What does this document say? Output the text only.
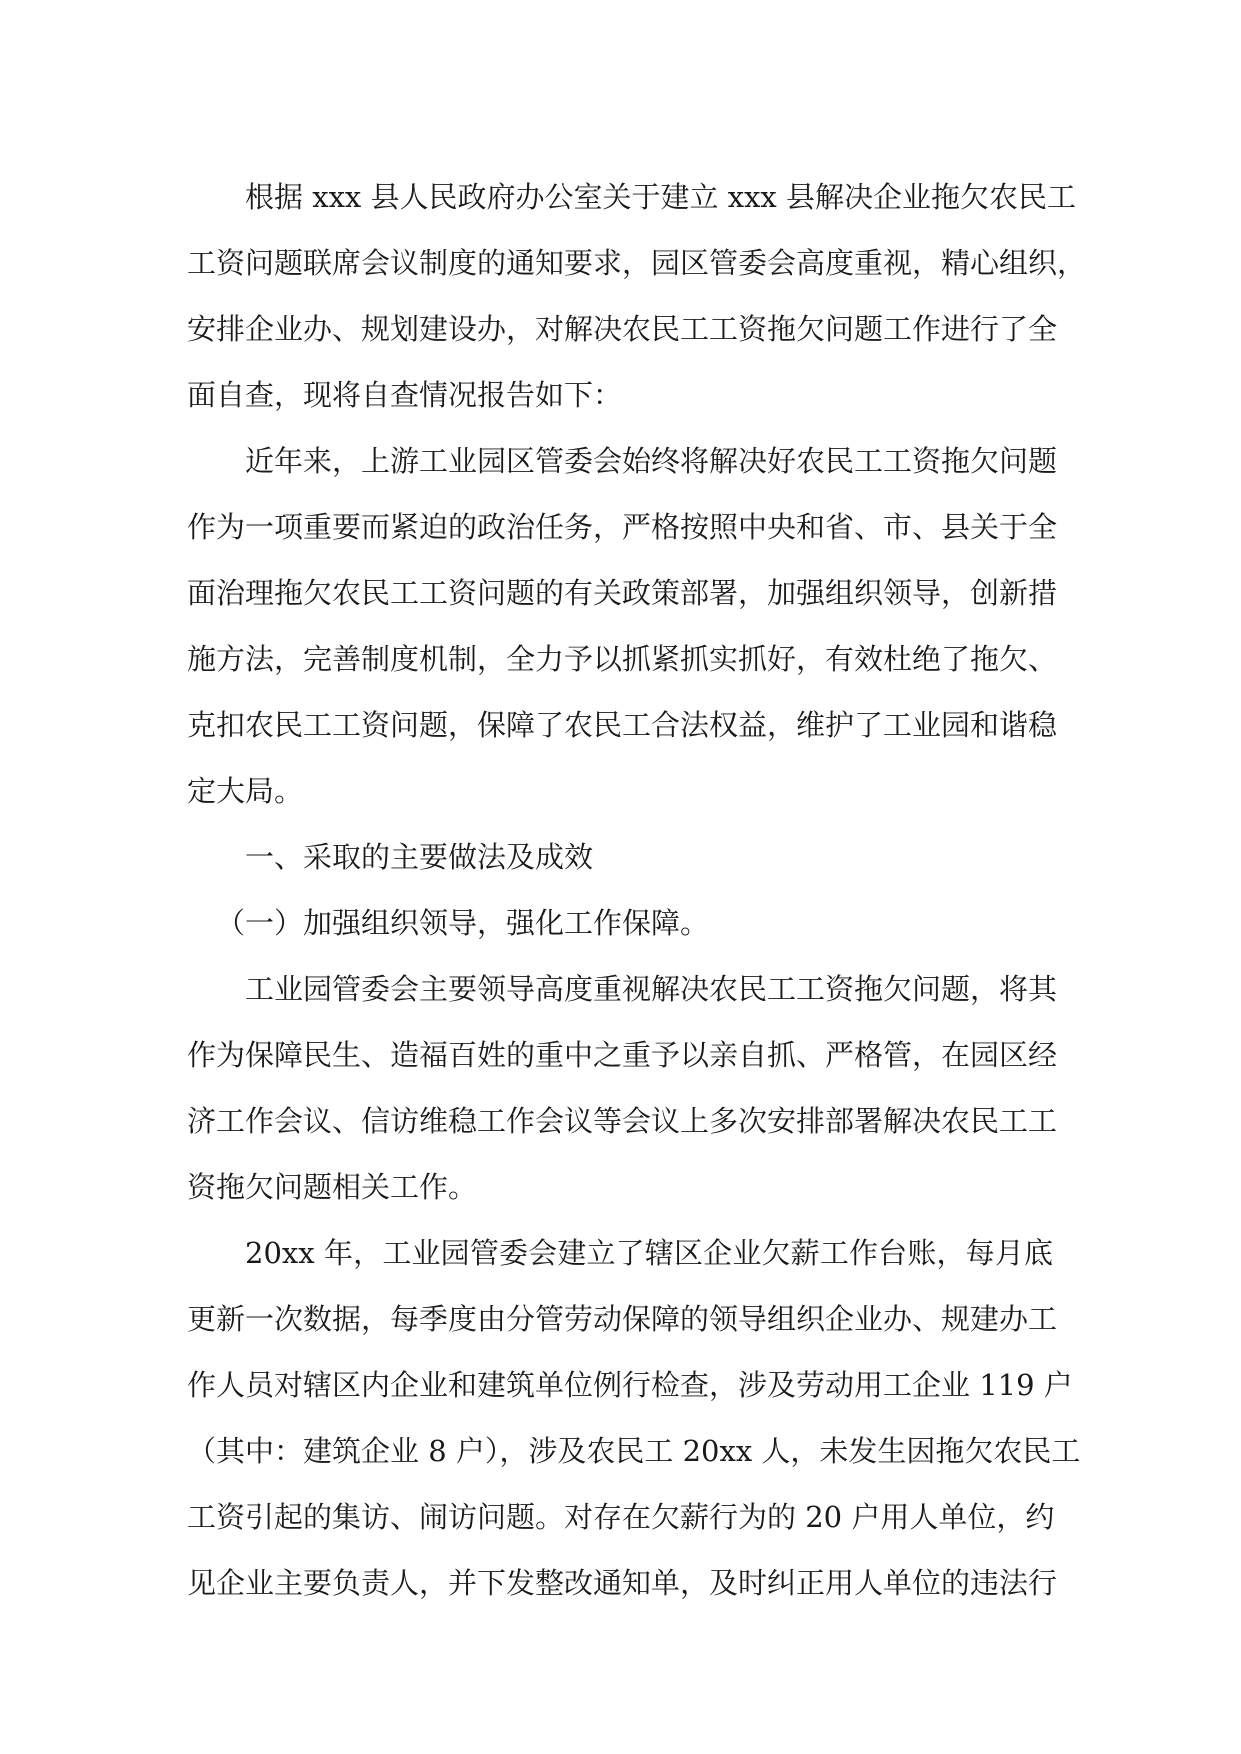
根据 xxx 县人民政府办公室关于建立 xxx 县解决企业拖欠农民工
工资问题联席会议制度的通知要求，园区管委会高度重视，精心组织，
安排企业办、规划建设办，对解决农民工工资拖欠问题工作进行了全
面自查，现将自查情况报告如下：
近年来，上游工业园区管委会始终将解决好农民工工资拖欠问题
作为一项重要而紧迫的政治任务，严格按照中央和省、市、县关于全
面治理拖欠农民工工资问题的有关政策部署，加强组织领导，创新措
施方法，完善制度机制，全力予以抓紧抓实抓好，有效杜绝了拖欠、
克扣农民工工资问题，保障了农民工合法权益，维护了工业园和谐稳
定大局。
一、采取的主要做法及成效
（一）加强组织领导，强化工作保障。
工业园管委会主要领导高度重视解决农民工工资拖欠问题，将其
作为保障民生、造福百姓的重中之重予以亲自抓、严格管，在园区经
济工作会议、信访维稳工作会议等会议上多次安排部署解决农民工工
资拖欠问题相关工作。
20xx 年，工业园管委会建立了辖区企业欠薪工作台账，每月底
更新一次数据，每季度由分管劳动保障的领导组织企业办、规建办工
作人员对辖区内企业和建筑单位例行检查，涉及劳动用工企业 119 户
（其中：建筑企业 8 户），涉及农民工 20xx 人，未发生因拖欠农民工
工资引起的集访、闹访问题。对存在欠薪行为的 20 户用人单位，约
见企业主要负责人，并下发整改通知单，及时纠正用人单位的违法行
